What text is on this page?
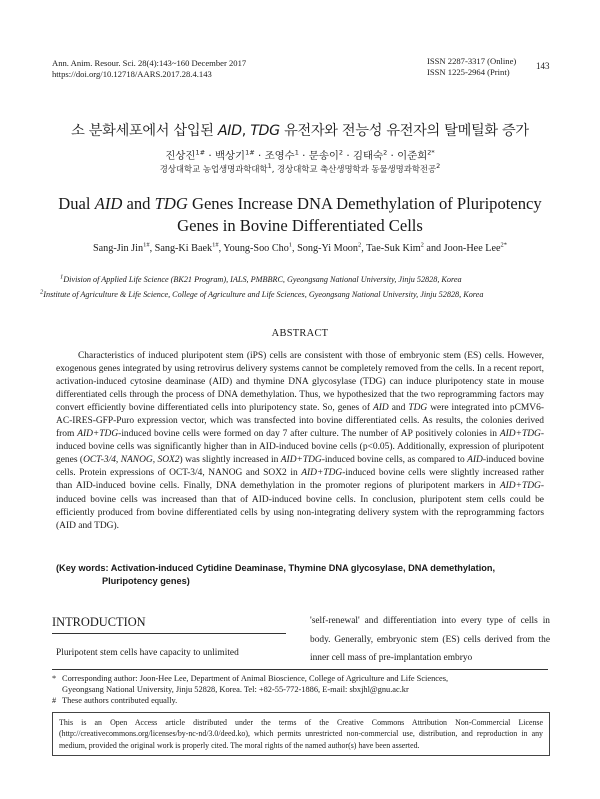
Ann. Anim. Resour. Sci. 28(4):143~160 December 2017
https://doi.org/10.12718/AARS.2017.28.4.143
ISSN 2287-3317 (Online)
ISSN 1225-2964 (Print)
143
소 분화세포에서 삽입된 AID, TDG 유전자와 전능성 유전자의 탈메틸화 증가
진상진$^{1\#}$ · 백상기$^{1\#}$ · 조영수$^1$ · 문송이$^2$ · 김태숙$^2$ · 이준희$^{2*}$
경상대학교 농업생명과학대학$^1$, 경상대학교 축산생명학과 동물생명과학전공$^2$
Dual AID and TDG Genes Increase DNA Demethylation of Pluripotency
Genes in Bovine Differentiated Cells
Sang-Jin Jin$^{1\#}$, Sang-Ki Baek$^{1\#}$, Young-Soo Cho$^1$, Song-Yi Moon$^2$, Tae-Suk Kim$^2$ and Joon-Hee Lee$^{2*}$
$^1$Division of Applied Life Science (BK21 Program), IALS, PMBBRC, Gyeongsang National University, Jinju 52828, Korea
$^2$Institute of Agriculture & Life Science, College of Agriculture and Life Sciences, Gyeongsang National University, Jinju 52828, Korea
ABSTRACT

Characteristics of induced pluripotent stem (iPS) cells are consistent with those of embryonic stem (ES) cells. However, exogenous genes integrated by using retrovirus delivery systems cannot be completely removed from the cells. In a recent report, activation-induced cytosine deaminase (AID) and thymine DNA glycosylase (TDG) can induce pluripotency state in mouse differentiated cells through the process of DNA demethylation. Thus, we hypothesized that the two reprogramming factors may convert efficiently bovine differentiated cells into pluripotency state. So, genes of AID and TDG were integrated into pCMV6-AC-IRES-GFP-Puro expression vector, which was transfected into bovine differentiated cells. As results, the colonies derived from AID+TDG-induced bovine cells were formed on day 7 after culture. The number of AP positively colonies in AID+TDG-induced bovine cells was significantly higher than in AID-induced bovine cells (p<0.05). Additionally, expression of pluripotent genes (OCT-3/4, NANOG, SOX2) was slightly increased in AID+TDG-induced bovine cells, as compared to AID-induced bovine cells. Protein expressions of OCT-3/4, NANOG and SOX2 in AID+TDG-induced bovine cells were slightly increased rather than AID-induced bovine cells. Finally, DNA demethylation in the promoter regions of pluripotent markers in AID+TDG-induced bovine cells was increased than that of AID-induced bovine cells. In conclusion, pluripotent stem cells could be efficiently produced from bovine differentiated cells by using non-integrating delivery system with the reprogramming factors (AID and TDG).

(Key words: Activation-induced Cytidine Deaminase, Thymine DNA glycosylase, DNA demethylation,
Pluripotency genes)
INTRODUCTION
Pluripotent stem cells have capacity to unlimited

'self-renewal' and differentiation into every type of cells in body. Generally, embryonic stem (ES) cells derived from the inner cell mass of pre-implantation embryo

* Corresponding author: Joon-Hee Lee, Department of Animal Bioscience, College of Agriculture and Life Sciences,
Gyeongsang National University, Jinju 52828, Korea. Tel: +82-55-772-1886, E-mail: sbxjhl@gnu.ac.kr
# These authors contributed equally.
This is an Open Access article distributed under the terms of the Creative Commons Attribution Non-Commercial License (http://creativecommons.org/licenses/by-nc-nd/3.0/deed.ko), which permits unrestricted non-commercial use, distribution, and reproduction in any medium, provided the original work is properly cited. The moral rights of the named author(s) have been asserted.
